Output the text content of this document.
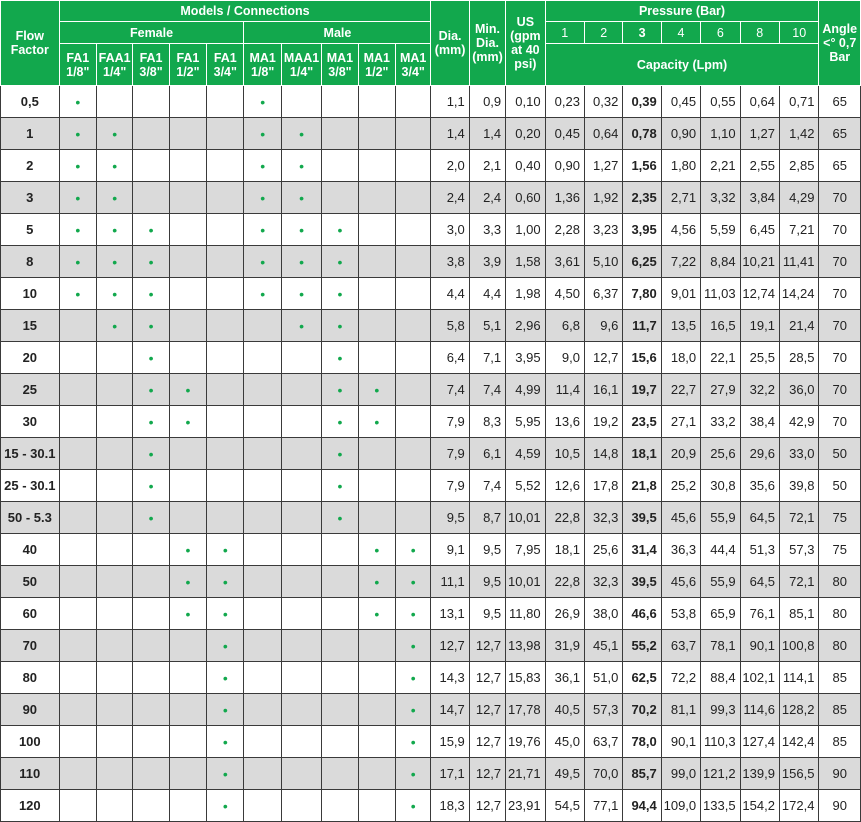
Flow Factor	Models / Connections										Dia. (mm)	Min. Dia. (mm)	US (gpm at 40 psi)	Pressure (Bar)							Angle <° 0,7 Bar
	Female					Male								1	2	3	4	6	8	10	
	FA1 1/8"	FAA1 1/4"	FA1 3/8"	FA1 1/2"	FA1 3/4"	MA1 1/8"	MAA1 1/4"	MA1 3/8"	MA1 1/2"	MA1 3/4"				Capacity (Lpm)							
0,5	•					•					1,1	0,9	0,10	0,23	0,32	0,39	0,45	0,55	0,64	0,71	65
1	•	•				•	•				1,4	1,4	0,20	0,45	0,64	0,78	0,90	1,10	1,27	1,42	65
2	•	•				•	•				2,0	2,1	0,40	0,90	1,27	1,56	1,80	2,21	2,55	2,85	65
3	•	•				•	•				2,4	2,4	0,60	1,36	1,92	2,35	2,71	3,32	3,84	4,29	70
5	•	•	•			•	•	•			3,0	3,3	1,00	2,28	3,23	3,95	4,56	5,59	6,45	7,21	70
8	•	•	•			•	•	•			3,8	3,9	1,58	3,61	5,10	6,25	7,22	8,84	10,21	11,41	70
10	•	•	•			•	•	•			4,4	4,4	1,98	4,50	6,37	7,80	9,01	11,03	12,74	14,24	70
15		•	•				•	•			5,8	5,1	2,96	6,8	9,6	11,7	13,5	16,5	19,1	21,4	70
20			•					•			6,4	7,1	3,95	9,0	12,7	15,6	18,0	22,1	25,5	28,5	70
25			•	•				•	•		7,4	7,4	4,99	11,4	16,1	19,7	22,7	27,9	32,2	36,0	70
30			•	•				•	•		7,9	8,3	5,95	13,6	19,2	23,5	27,1	33,2	38,4	42,9	70
15 - 30.1			•					•			7,9	6,1	4,59	10,5	14,8	18,1	20,9	25,6	29,6	33,0	50
25 - 30.1			•					•			7,9	7,4	5,52	12,6	17,8	21,8	25,2	30,8	35,6	39,8	50
50 - 5.3			•					•			9,5	8,7	10,01	22,8	32,3	39,5	45,6	55,9	64,5	72,1	75
40				•	•				•	•	9,1	9,5	7,95	18,1	25,6	31,4	36,3	44,4	51,3	57,3	75
50				•	•				•	•	11,1	9,5	10,01	22,8	32,3	39,5	45,6	55,9	64,5	72,1	80
60				•	•				•	•	13,1	9,5	11,80	26,9	38,0	46,6	53,8	65,9	76,1	85,1	80
70					•					•	12,7	12,7	13,98	31,9	45,1	55,2	63,7	78,1	90,1	100,8	80
80					•					•	14,3	12,7	15,83	36,1	51,0	62,5	72,2	88,4	102,1	114,1	85
90					•					•	14,7	12,7	17,78	40,5	57,3	70,2	81,1	99,3	114,6	128,2	85
100					•					•	15,9	12,7	19,76	45,0	63,7	78,0	90,1	110,3	127,4	142,4	85
110					•					•	17,1	12,7	21,71	49,5	70,0	85,7	99,0	121,2	139,9	156,5	90
120					•					•	18,3	12,7	23,91	54,5	77,1	94,4	109,0	133,5	154,2	172,4	90
